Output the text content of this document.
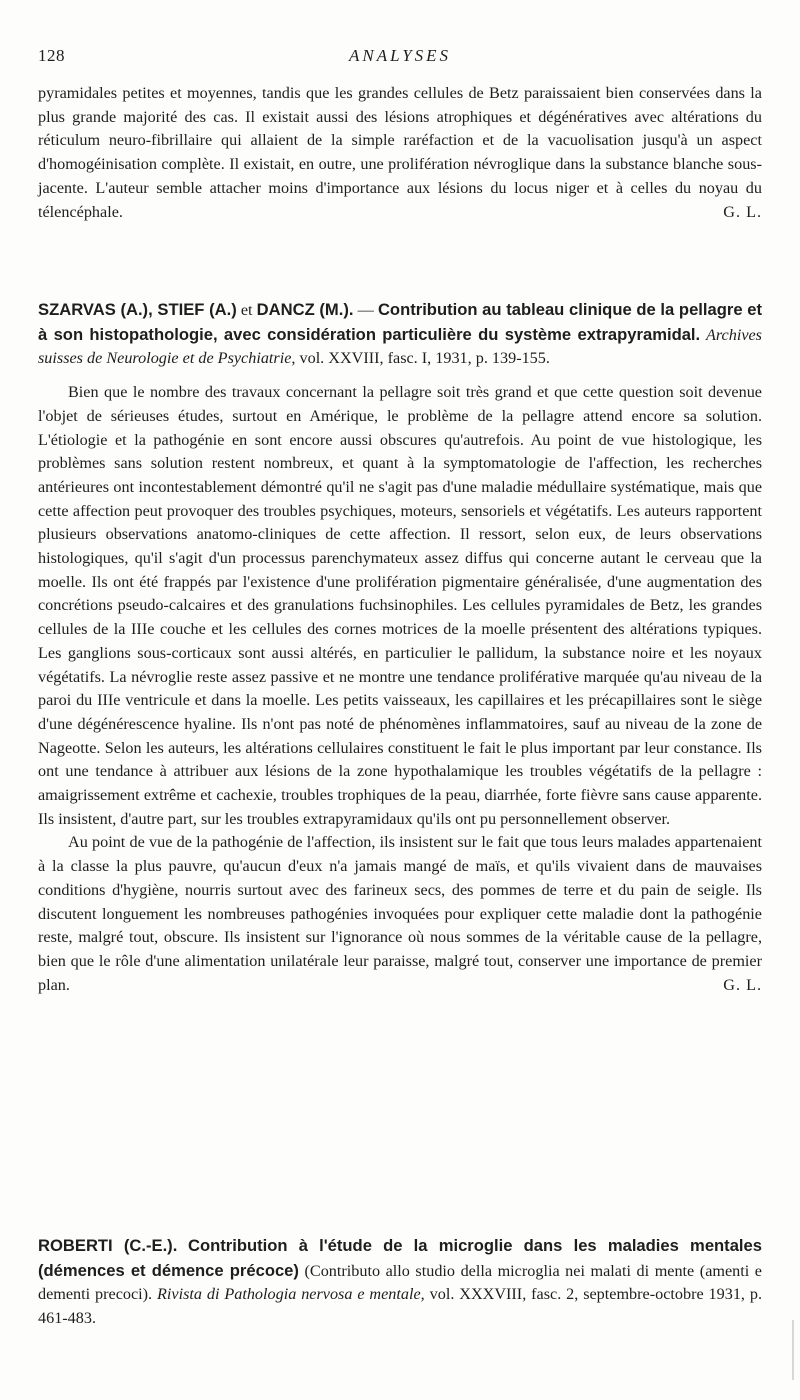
128	ANALYSES

pyramidales petites et moyennes, tandis que les grandes cellules de Betz paraissaient bien conservées dans la plus grande majorité des cas. Il existait aussi des lésions atrophiques et dégénératives avec altérations du réticulum neuro-fibrillaire qui allaient de la simple raréfaction et de la vacuolisation jusqu'à un aspect d'homogéinisation complète. Il existait, en outre, une prolifération névroglique dans la substance blanche sous-jacente. L'auteur semble attacher moins d'importance aux lésions du locus niger et à celles du noyau du télencéphale.	G. L.

SZARVAS (A.), STIEF (A.) et DANCZ (M.). — Contribution au tableau clinique de la pellagre et à son histopathologie, avec considération particulière du système extrapyramidal. Archives suisses de Neurologie et de Psychiatrie, vol. XXVIII, fasc. I, 1931, p. 139-155.

Bien que le nombre des travaux concernant la pellagre soit très grand et que cette question soit devenue l'objet de sérieuses études, surtout en Amérique, le problème de la pellagre attend encore sa solution. L'étiologie et la pathogénie en sont encore aussi obscures qu'autrefois. Au point de vue histologique, les problèmes sans solution restent nombreux, et quant à la symptomatologie de l'affection, les recherches antérieures ont incontestablement démontré qu'il ne s'agit pas d'une maladie médullaire systématique, mais que cette affection peut provoquer des troubles psychiques, moteurs, sensoriels et végétatifs. Les auteurs rapportent plusieurs observations anatomo-cliniques de cette affection. Il ressort, selon eux, de leurs observations histologiques, qu'il s'agit d'un processus parenchymateux assez diffus qui concerne autant le cerveau que la moelle. Ils ont été frappés par l'existence d'une prolifération pigmentaire généralisée, d'une augmentation des concrétions pseudo-calcaires et des granulations fuchsinophiles. Les cellules pyramidales de Betz, les grandes cellules de la IIIe couche et les cellules des cornes motrices de la moelle présentent des altérations typiques. Les ganglions sous-corticaux sont aussi altérés, en particulier le pallidum, la substance noire et les noyaux végétatifs. La névroglie reste assez passive et ne montre une tendance proliférative marquée qu'au niveau de la paroi du IIIe ventricule et dans la moelle. Les petits vaisseaux, les capillaires et les précapillaires sont le siège d'une dégénérescence hyaline. Ils n'ont pas noté de phénomènes inflammatoires, sauf au niveau de la zone de Nageotte. Selon les auteurs, les altérations cellulaires constituent le fait le plus important par leur constance. Ils ont une tendance à attribuer aux lésions de la zone hypothalamique les troubles végétatifs de la pellagre : amaigrissement extrême et cachexie, troubles trophiques de la peau, diarrhée, forte fièvre sans cause apparente. Ils insistent, d'autre part, sur les troubles extrapyramidaux qu'ils ont pu personnellement observer.

Au point de vue de la pathogénie de l'affection, ils insistent sur le fait que tous leurs malades appartenaient à la classe la plus pauvre, qu'aucun d'eux n'a jamais mangé de maïs, et qu'ils vivaient dans de mauvaises conditions d'hygiène, nourris surtout avec des farineux secs, des pommes de terre et du pain de seigle. Ils discutent longuement les nombreuses pathogénies invoquées pour expliquer cette maladie dont la pathogénie reste, malgré tout, obscure. Ils insistent sur l'ignorance où nous sommes de la véritable cause de la pellagre, bien que le rôle d'une alimentation unilatérale leur paraisse, malgré tout, conserver une importance de premier plan.	G. L.

ROBERTI (C.-E.). Contribution à l'étude de la microglie dans les maladies mentales (démences et démence précoce) (Contributo allo studio della microglia nei malati di mente (amenti e dementi precoci). Rivista di Pathologia nervosa e mentale, vol. XXXVIII, fasc. 2, septembre-octobre 1931, p. 461-483.
